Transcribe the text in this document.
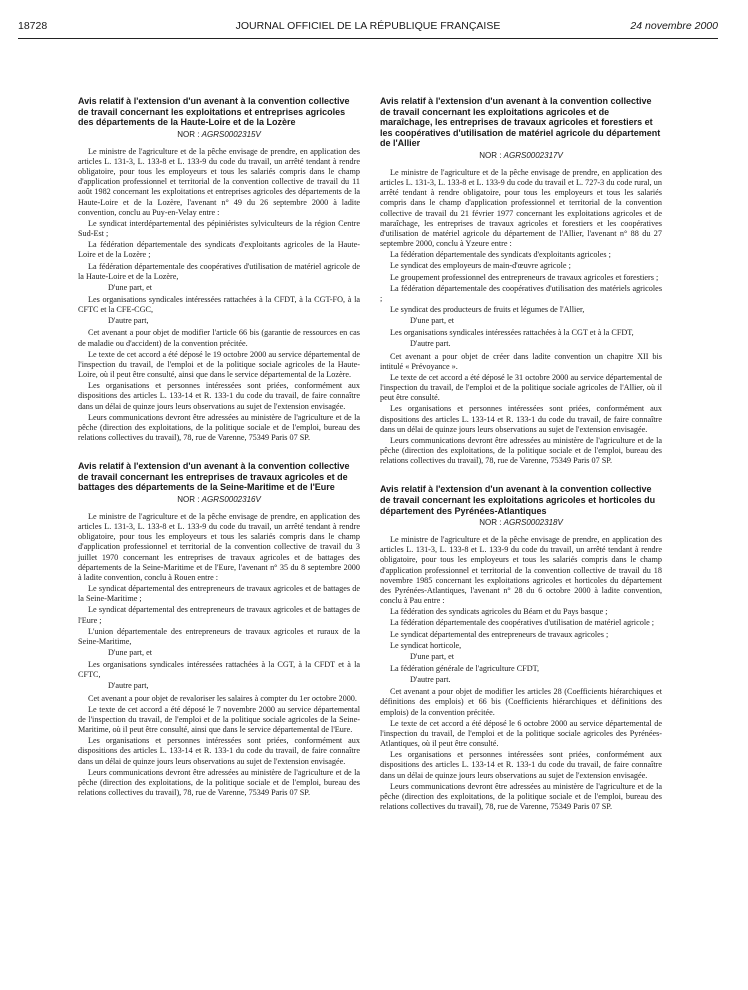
18728	JOURNAL OFFICIEL DE LA RÉPUBLIQUE FRANÇAISE	24 novembre 2000
Avis relatif à l'extension d'un avenant à la convention collective de travail concernant les exploitations et entreprises agricoles des départements de la Haute-Loire et de la Lozère
NOR : AGRS0002315V

Le ministre de l'agriculture et de la pêche envisage de prendre, en application des articles L. 131-3, L. 133-8 et L. 133-9 du code du travail, un arrêté tendant à rendre obligatoire, pour tous les employeurs et tous les salariés compris dans le champ d'application professionnel et territorial de la convention collective de travail du 11 août 1982 concernant les exploitations et entreprises agricoles des départements de la Haute-Loire et de la Lozère, l'avenant n° 49 du 26 septembre 2000 à ladite convention, conclu au Puy-en-Velay entre :

Le syndicat interdépartemental des pépiniéristes sylviculteurs de la région Centre Sud-Est ;

La fédération départementale des syndicats d'exploitants agricoles de la Haute-Loire et de la Lozère ;

La fédération départementale des coopératives d'utilisation de matériel agricole de la Haute-Loire et de la Lozère,

D'une part, et

Les organisations syndicales intéressées rattachées à la CFDT, à la CGT-FO, à la CFTC et la CFE-CGC,

D'autre part,

Cet avenant a pour objet de modifier l'article 66 bis (garantie de ressources en cas de maladie ou d'accident) de la convention précitée.

Le texte de cet accord a été déposé le 19 octobre 2000 au service départemental de l'inspection du travail, de l'emploi et de la politique sociale agricoles de la Haute-Loire, où il peut être consulté, ainsi que dans le service départemental de la Lozère.

Les organisations et personnes intéressées sont priées, conformément aux dispositions des articles L. 133-14 et R. 133-1 du code du travail, de faire connaître dans un délai de quinze jours leurs observations au sujet de l'extension envisagée.

Leurs communications devront être adressées au ministère de l'agriculture et de la pêche (direction des exploitations, de la politique sociale et de l'emploi, bureau des relations collectives du travail), 78, rue de Varenne, 75349 Paris 07 SP.

Avis relatif à l'extension d'un avenant à la convention collective de travail concernant les entreprises de travaux agricoles et de battages des départements de la Seine-Maritime et de l'Eure
NOR : AGRS0002316V

Le ministre de l'agriculture et de la pêche envisage de prendre, en application des articles L. 131-3, L. 133-8 et L. 133-9 du code du travail, un arrêté tendant à rendre obligatoire, pour tous les employeurs et tous les salariés compris dans le champ d'application professionnel et territorial de la convention collective de travail du 3 juillet 1970 concernant les entreprises de travaux agricoles et de battages des départements de la Seine-Maritime et de l'Eure, l'avenant n° 35 du 8 septembre 2000 à ladite convention, conclu à Rouen entre :

Le syndicat départemental des entrepreneurs de travaux agricoles et de battages de la Seine-Maritime ;

Le syndicat départemental des entrepreneurs de travaux agricoles et de battages de l'Eure ;

L'union départementale des entrepreneurs de travaux agricoles et ruraux de la Seine-Maritime,

D'une part, et

Les organisations syndicales intéressées rattachées à la CGT, à la CFDT et à la CFTC,

D'autre part,

Cet avenant a pour objet de revaloriser les salaires à compter du 1er octobre 2000.

Le texte de cet accord a été déposé le 7 novembre 2000 au service départemental de l'inspection du travail, de l'emploi et de la politique sociale agricoles de la Seine-Maritime, où il peut être consulté, ainsi que dans le service départemental de l'Eure.

Les organisations et personnes intéressées sont priées, conformément aux dispositions des articles L. 133-14 et R. 133-1 du code du travail, de faire connaître dans un délai de quinze jours leurs observations au sujet de l'extension envisagée.

Leurs communications devront être adressées au ministère de l'agriculture et de la pêche (direction des exploitations, de la politique sociale et de l'emploi, bureau des relations collectives du travail), 78, rue de Varenne, 75349 Paris 07 SP.

Avis relatif à l'extension d'un avenant à la convention collective de travail concernant les exploitations agricoles et de maraîchage, les entreprises de travaux agricoles et forestiers et les coopératives d'utilisation de matériel agricole du département de l'Allier
NOR : AGRS0002317V

Le ministre de l'agriculture et de la pêche envisage de prendre, en application des articles L. 131-3, L. 133-8 et L. 133-9 du code du travail et L. 727-3 du code rural, un arrêté tendant à rendre obligatoire, pour tous les employeurs et tous les salariés compris dans le champ d'application professionnel et territorial de la convention collective de travail du 21 février 1977 concernant les exploitations agricoles et de maraîchage, les entreprises de travaux agricoles et forestiers et les coopératives d'utilisation de matériel agricole du département de l'Allier, l'avenant n° 88 du 27 septembre 2000, conclu à Yzeure entre :

La fédération départementale des syndicats d'exploitants agricoles ;

Le syndicat des employeurs de main-d'œuvre agricole ;

Le groupement professionnel des entrepreneurs de travaux agricoles et forestiers ;

La fédération départementale des coopératives d'utilisation des matériels agricoles ;

Le syndicat des producteurs de fruits et légumes de l'Allier,

D'une part, et

Les organisations syndicales intéressées rattachées à la CGT et à la CFDT,

D'autre part.

Cet avenant a pour objet de créer dans ladite convention un chapitre XII bis intitulé « Prévoyance ».

Le texte de cet accord a été déposé le 31 octobre 2000 au service départemental de l'inspection du travail, de l'emploi et de la politique sociale agricoles de l'Allier, où il peut être consulté.

Les organisations et personnes intéressées sont priées, conformément aux dispositions des articles L. 133-14 et R. 133-1 du code du travail, de faire connaître dans un délai de quinze jours leurs observations au sujet de l'extension envisagée.

Leurs communications devront être adressées au ministère de l'agriculture et de la pêche (direction des exploitations, de la politique sociale et de l'emploi, bureau des relations collectives du travail), 78, rue de Varenne, 75349 Paris 07 SP.

Avis relatif à l'extension d'un avenant à la convention collective de travail concernant les exploitations agricoles et horticoles du département des Pyrénées-Atlantiques
NOR : AGRS0002318V

Le ministre de l'agriculture et de la pêche envisage de prendre, en application des articles L. 131-3, L. 133-8 et L. 133-9 du code du travail, un arrêté tendant à rendre obligatoire, pour tous les employeurs et tous les salariés compris dans le champ d'application professionnel et territorial de la convention collective de travail du 18 novembre 1985 concernant les exploitations agricoles et horticoles du département des Pyrénées-Atlantiques, l'avenant n° 28 du 6 octobre 2000 à ladite convention, conclu à Pau entre :

La fédération des syndicats agricoles du Béarn et du Pays basque ;

La fédération départementale des coopératives d'utilisation de matériel agricole ;

Le syndicat départemental des entrepreneurs de travaux agricoles ;

Le syndicat horticole,

D'une part, et

La fédération générale de l'agriculture CFDT,

D'autre part.

Cet avenant a pour objet de modifier les articles 28 (Coefficients hiérarchiques et définitions des emplois) et 66 bis (Coefficients hiérarchiques et définitions des emplois) de la convention précitée.

Le texte de cet accord a été déposé le 6 octobre 2000 au service départemental de l'inspection du travail, de l'emploi et de la politique sociale agricoles des Pyrénées-Atlantiques, où il peut être consulté.

Les organisations et personnes intéressées sont priées, conformément aux dispositions des articles L. 133-14 et R. 133-1 du code du travail, de faire connaître dans un délai de quinze jours leurs observations au sujet de l'extension envisagée.

Leurs communications devront être adressées au ministère de l'agriculture et de la pêche (direction des exploitations, de la politique sociale et de l'emploi, bureau des relations collectives du travail), 78, rue de Varenne, 75349 Paris 07 SP.
